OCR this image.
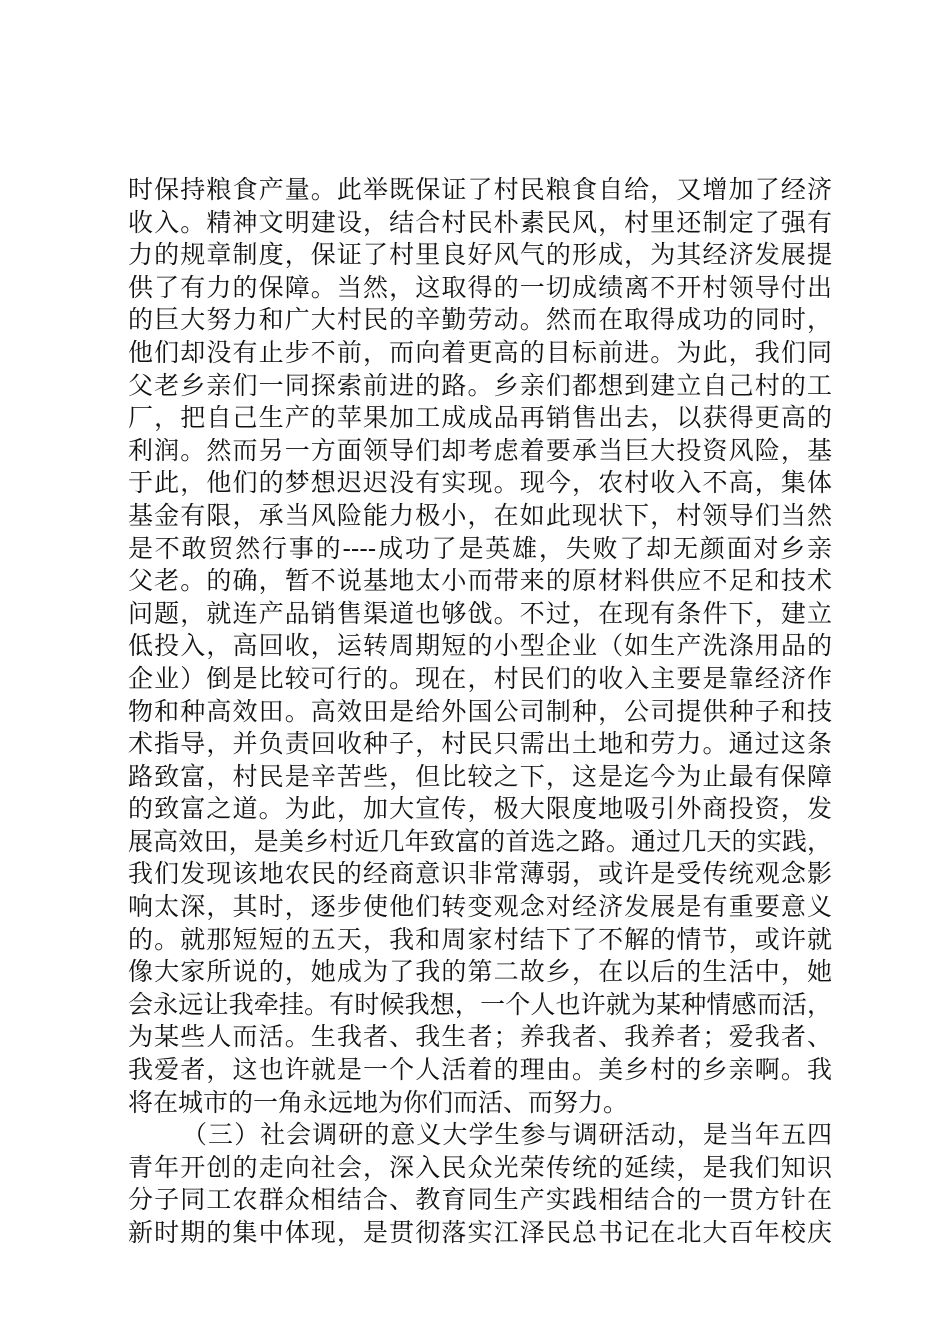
时保持粮食产量。此举既保证了村民粮食自给，又增加了经济
收入。精神文明建设，结合村民朴素民风，村里还制定了强有
力的规章制度，保证了村里良好风气的形成，为其经济发展提
供了有力的保障。当然，这取得的一切成绩离不开村领导付出
的巨大努力和广大村民的辛勤劳动。然而在取得成功的同时，
他们却没有止步不前，而向着更高的目标前进。为此，我们同
父老乡亲们一同探索前进的路。乡亲们都想到建立自己村的工
厂，把自己生产的苹果加工成成品再销售出去，以获得更高的
利润。然而另一方面领导们却考虑着要承当巨大投资风险，基
于此，他们的梦想迟迟没有实现。现今，农村收入不高，集体
基金有限，承当风险能力极小，在如此现状下，村领导们当然
是不敢贸然行事的----成功了是英雄，失败了却无颜面对乡亲
父老。的确，暂不说基地太小而带来的原材料供应不足和技术
问题，就连产品销售渠道也够戗。不过，在现有条件下，建立
低投入，高回收，运转周期短的小型企业（如生产洗涤用品的
企业）倒是比较可行的。现在，村民们的收入主要是靠经济作
物和种高效田。高效田是给外国公司制种，公司提供种子和技
术指导，并负责回收种子，村民只需出土地和劳力。通过这条
路致富，村民是辛苦些，但比较之下，这是迄今为止最有保障
的致富之道。为此，加大宣传，极大限度地吸引外商投资，发
展高效田，是美乡村近几年致富的首选之路。通过几天的实践，
我们发现该地农民的经商意识非常薄弱，或许是受传统观念影
响太深，其时，逐步使他们转变观念对经济发展是有重要意义
的。就那短短的五天，我和周家村结下了不解的情节，或许就
像大家所说的，她成为了我的第二故乡，在以后的生活中，她
会永远让我牵挂。有时候我想，一个人也许就为某种情感而活，
为某些人而活。生我者、我生者；养我者、我养者；爱我者、
我爱者，这也许就是一个人活着的理由。美乡村的乡亲啊。我
将在城市的一角永远地为你们而活、而努力。
（三）社会调研的意义大学生参与调研活动，是当年五四
青年开创的走向社会，深入民众光荣传统的延续，是我们知识
分子同工农群众相结合、教育同生产实践相结合的一贯方针在
新时期的集中体现，是贯彻落实江泽民总书记在北大百年校庆
